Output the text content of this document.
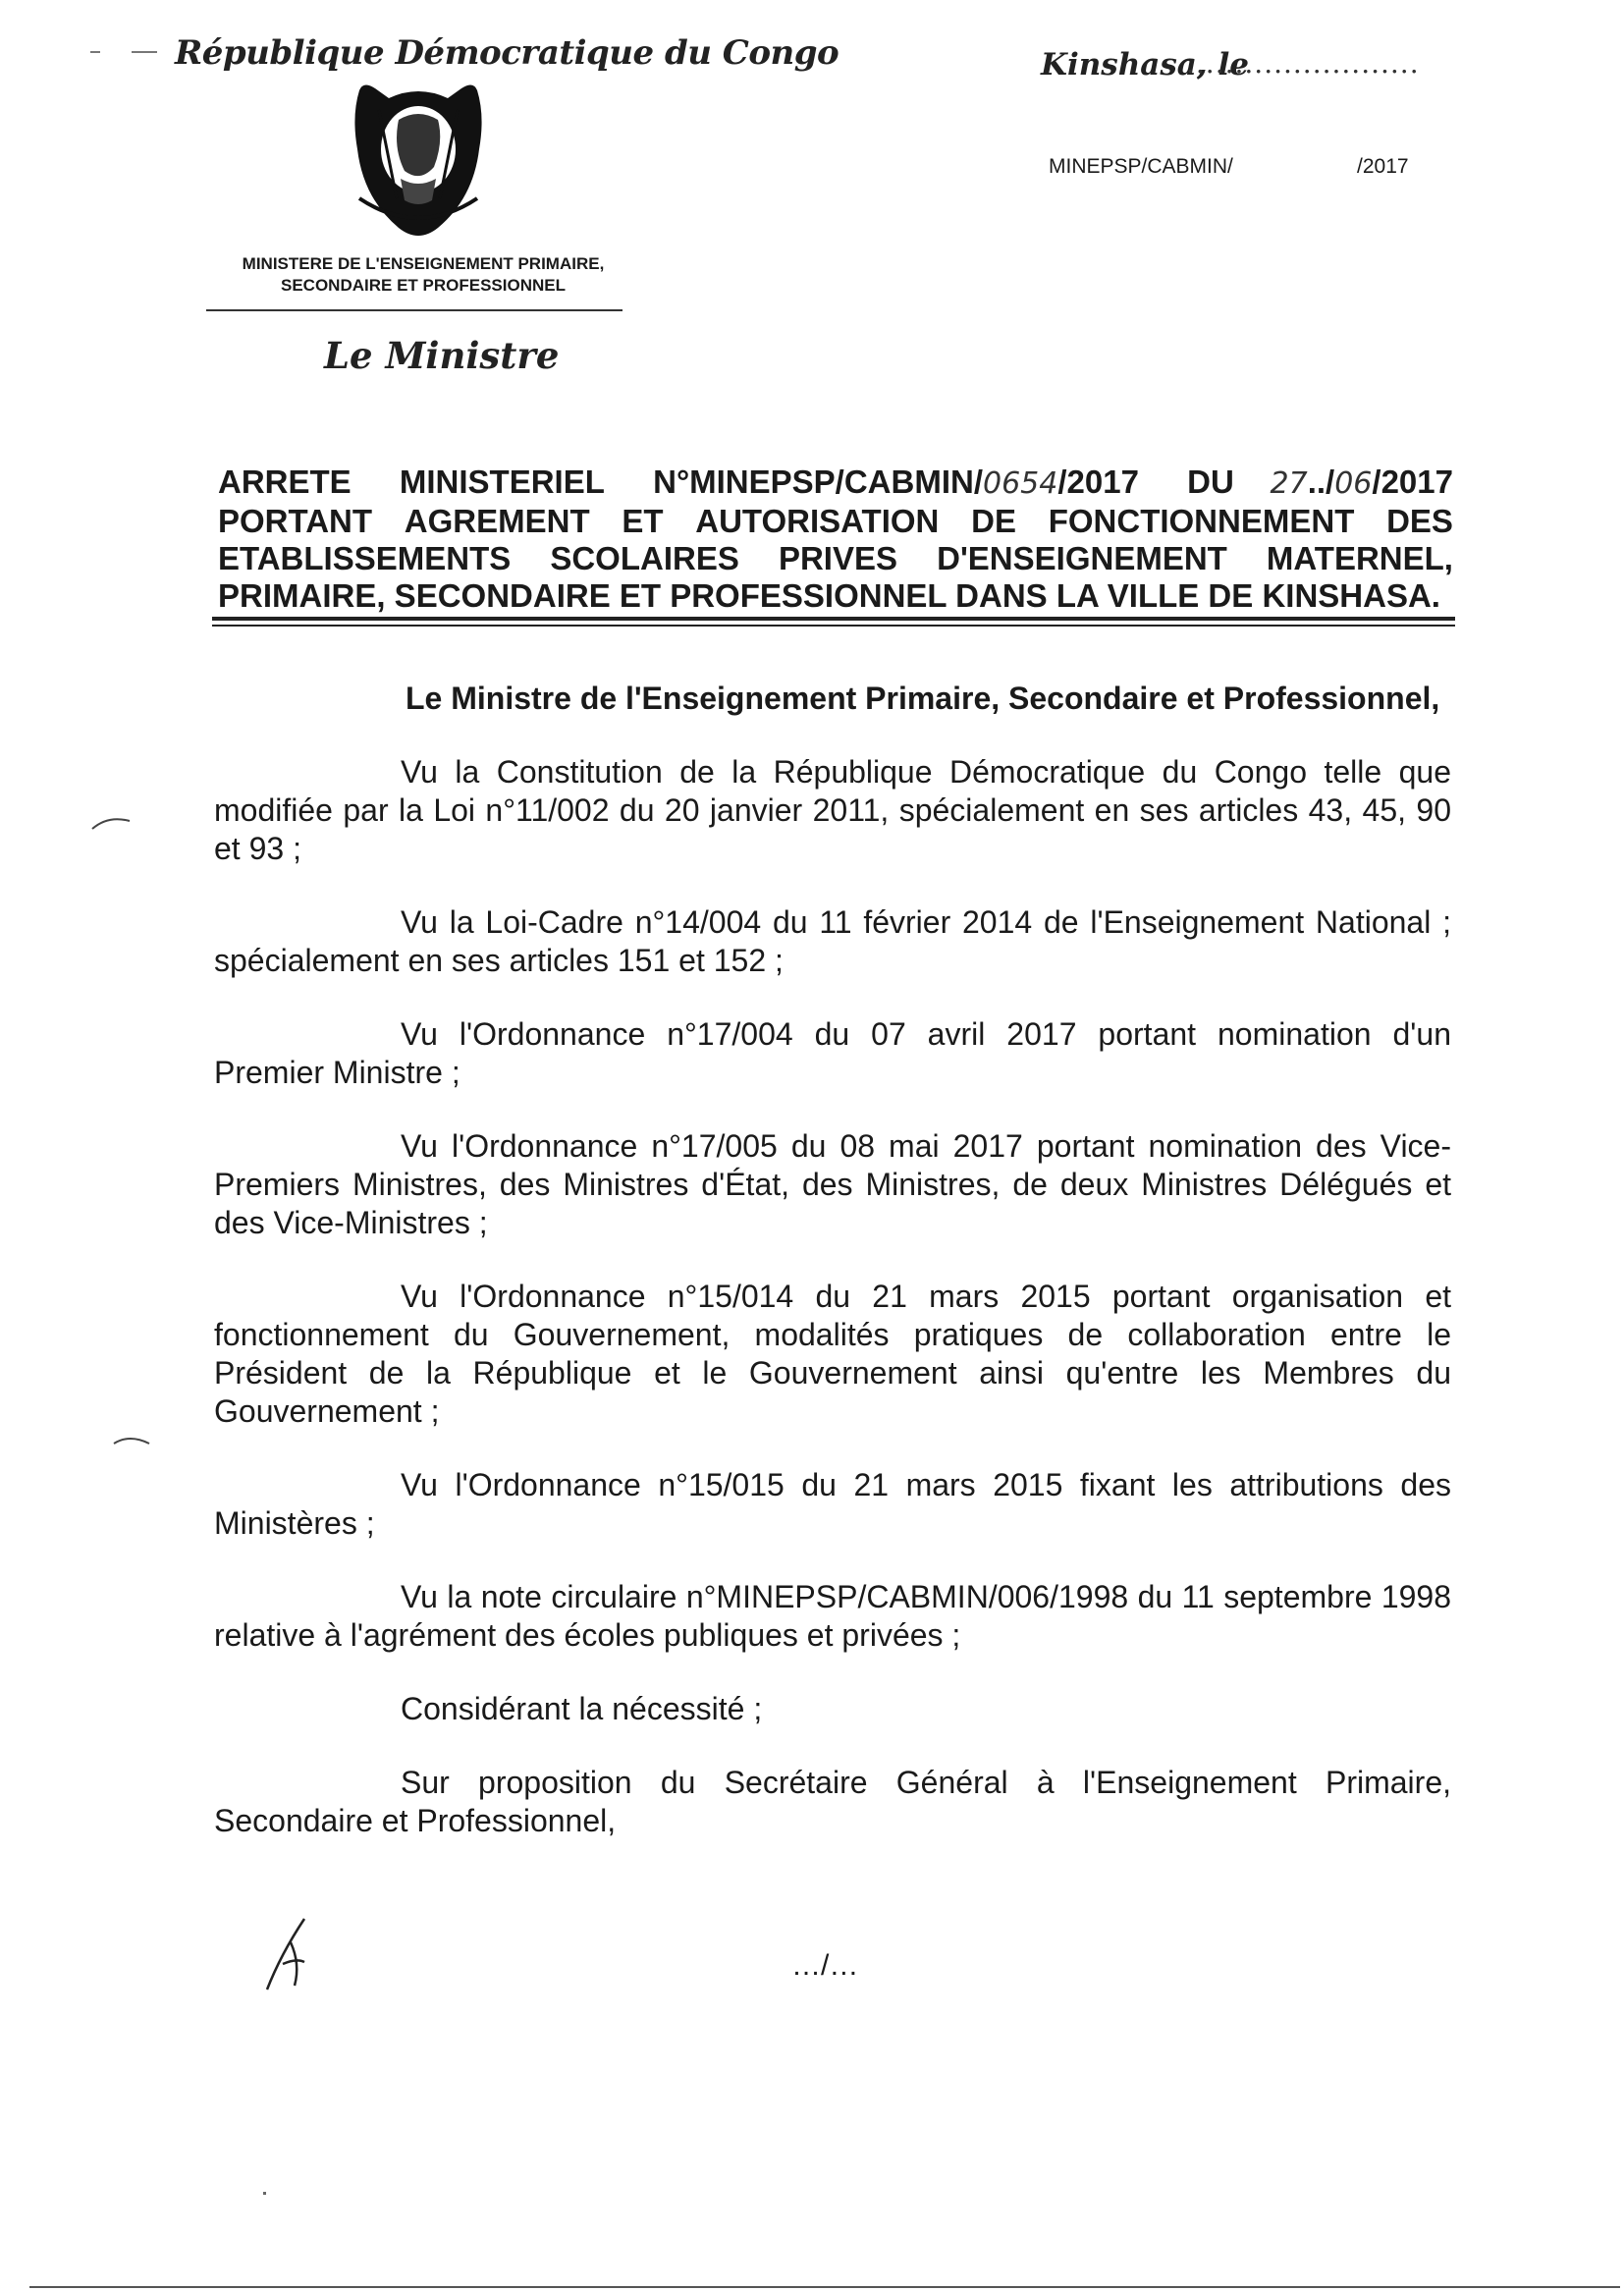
République Démocratique du Congo	Kinshasa, le
........................
MINEPSP/CABMIN/	/2017
MINISTERE DE L'ENSEIGNEMENT PRIMAIRE,
SECONDAIRE ET PROFESSIONNEL
Le Ministre
ARRETE MINISTERIEL N°MINEPSP/CABMIN/0654/2017 DU 27../06/2017
PORTANT AGREMENT ET AUTORISATION DE FONCTIONNEMENT DES
ETABLISSEMENTS SCOLAIRES PRIVES D'ENSEIGNEMENT MATERNEL,
PRIMAIRE, SECONDAIRE ET PROFESSIONNEL DANS LA VILLE DE KINSHASA.
Le Ministre de l'Enseignement Primaire, Secondaire et Professionnel,
Vu la Constitution de la République Démocratique du Congo telle que modifiée par la Loi n°11/002 du 20 janvier 2011, spécialement en ses articles 43, 45, 90 et 93 ;
Vu la Loi-Cadre n°14/004 du 11 février 2014 de l'Enseignement National ; spécialement en ses articles 151 et 152 ;
Vu l'Ordonnance n°17/004 du 07 avril 2017 portant nomination d'un Premier Ministre ;
Vu l'Ordonnance n°17/005 du 08 mai 2017 portant nomination des Vice-Premiers Ministres, des Ministres d'État, des Ministres, de deux Ministres Délégués et des Vice-Ministres ;
Vu l'Ordonnance n°15/014 du 21 mars 2015 portant organisation et fonctionnement du Gouvernement, modalités pratiques de collaboration entre le Président de la République et le Gouvernement ainsi qu'entre les Membres du Gouvernement ;
Vu l'Ordonnance n°15/015 du 21 mars 2015 fixant les attributions des Ministères ;
Vu la note circulaire n°MINEPSP/CABMIN/006/1998 du 11 septembre 1998 relative à l'agrément des écoles publiques et privées ;
Considérant la nécessité ;
Sur proposition du Secrétaire Général à l'Enseignement Primaire, Secondaire et Professionnel,
…/…
